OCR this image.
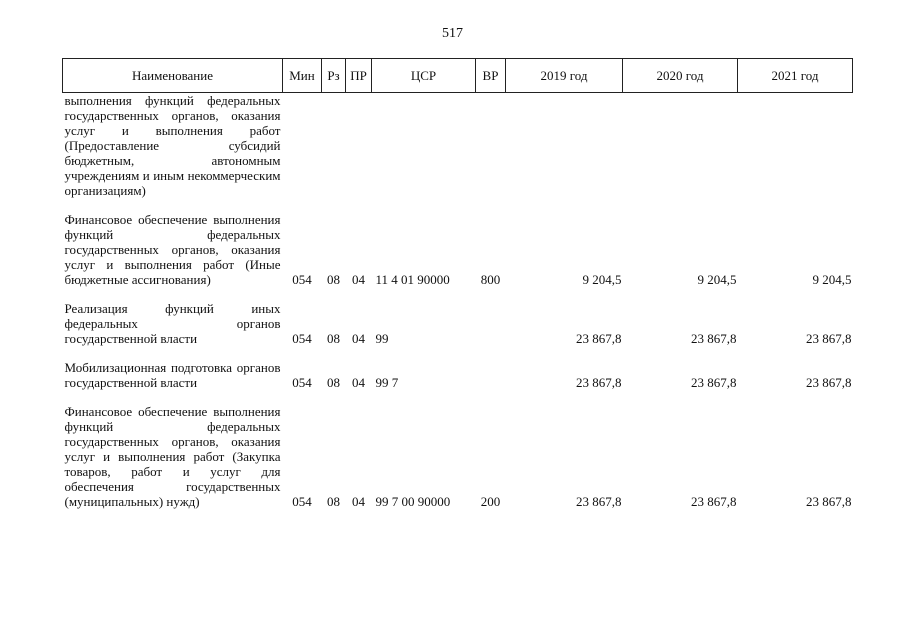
517
Наименование	Мин	Рз	ПР	ЦСР	ВР	2019 год	2020 год	2021 год
выполнения функций федеральных государственных органов, оказания услуг и выполнения работ (Предоставление субсидий бюджетным, автономным учреждениям и иным некоммерческим организациям)								

Финансовое обеспечение выполнения функций федеральных государственных органов, оказания услуг и выполнения работ (Иные бюджетные ассигнования)	054	08	04	11 4 01 90000	800	9 204,5	9 204,5	9 204,5

Реализация функций иных федеральных органов государственной власти	054	08	04	99		23 867,8	23 867,8	23 867,8

Мобилизационная подготовка органов государственной власти	054	08	04	99 7		23 867,8	23 867,8	23 867,8

Финансовое обеспечение выполнения функций федеральных государственных органов, оказания услуг и выполнения работ (Закупка товаров, работ и услуг для обеспечения государственных (муниципальных) нужд)	054	08	04	99 7 00 90000	200	23 867,8	23 867,8	23 867,8
